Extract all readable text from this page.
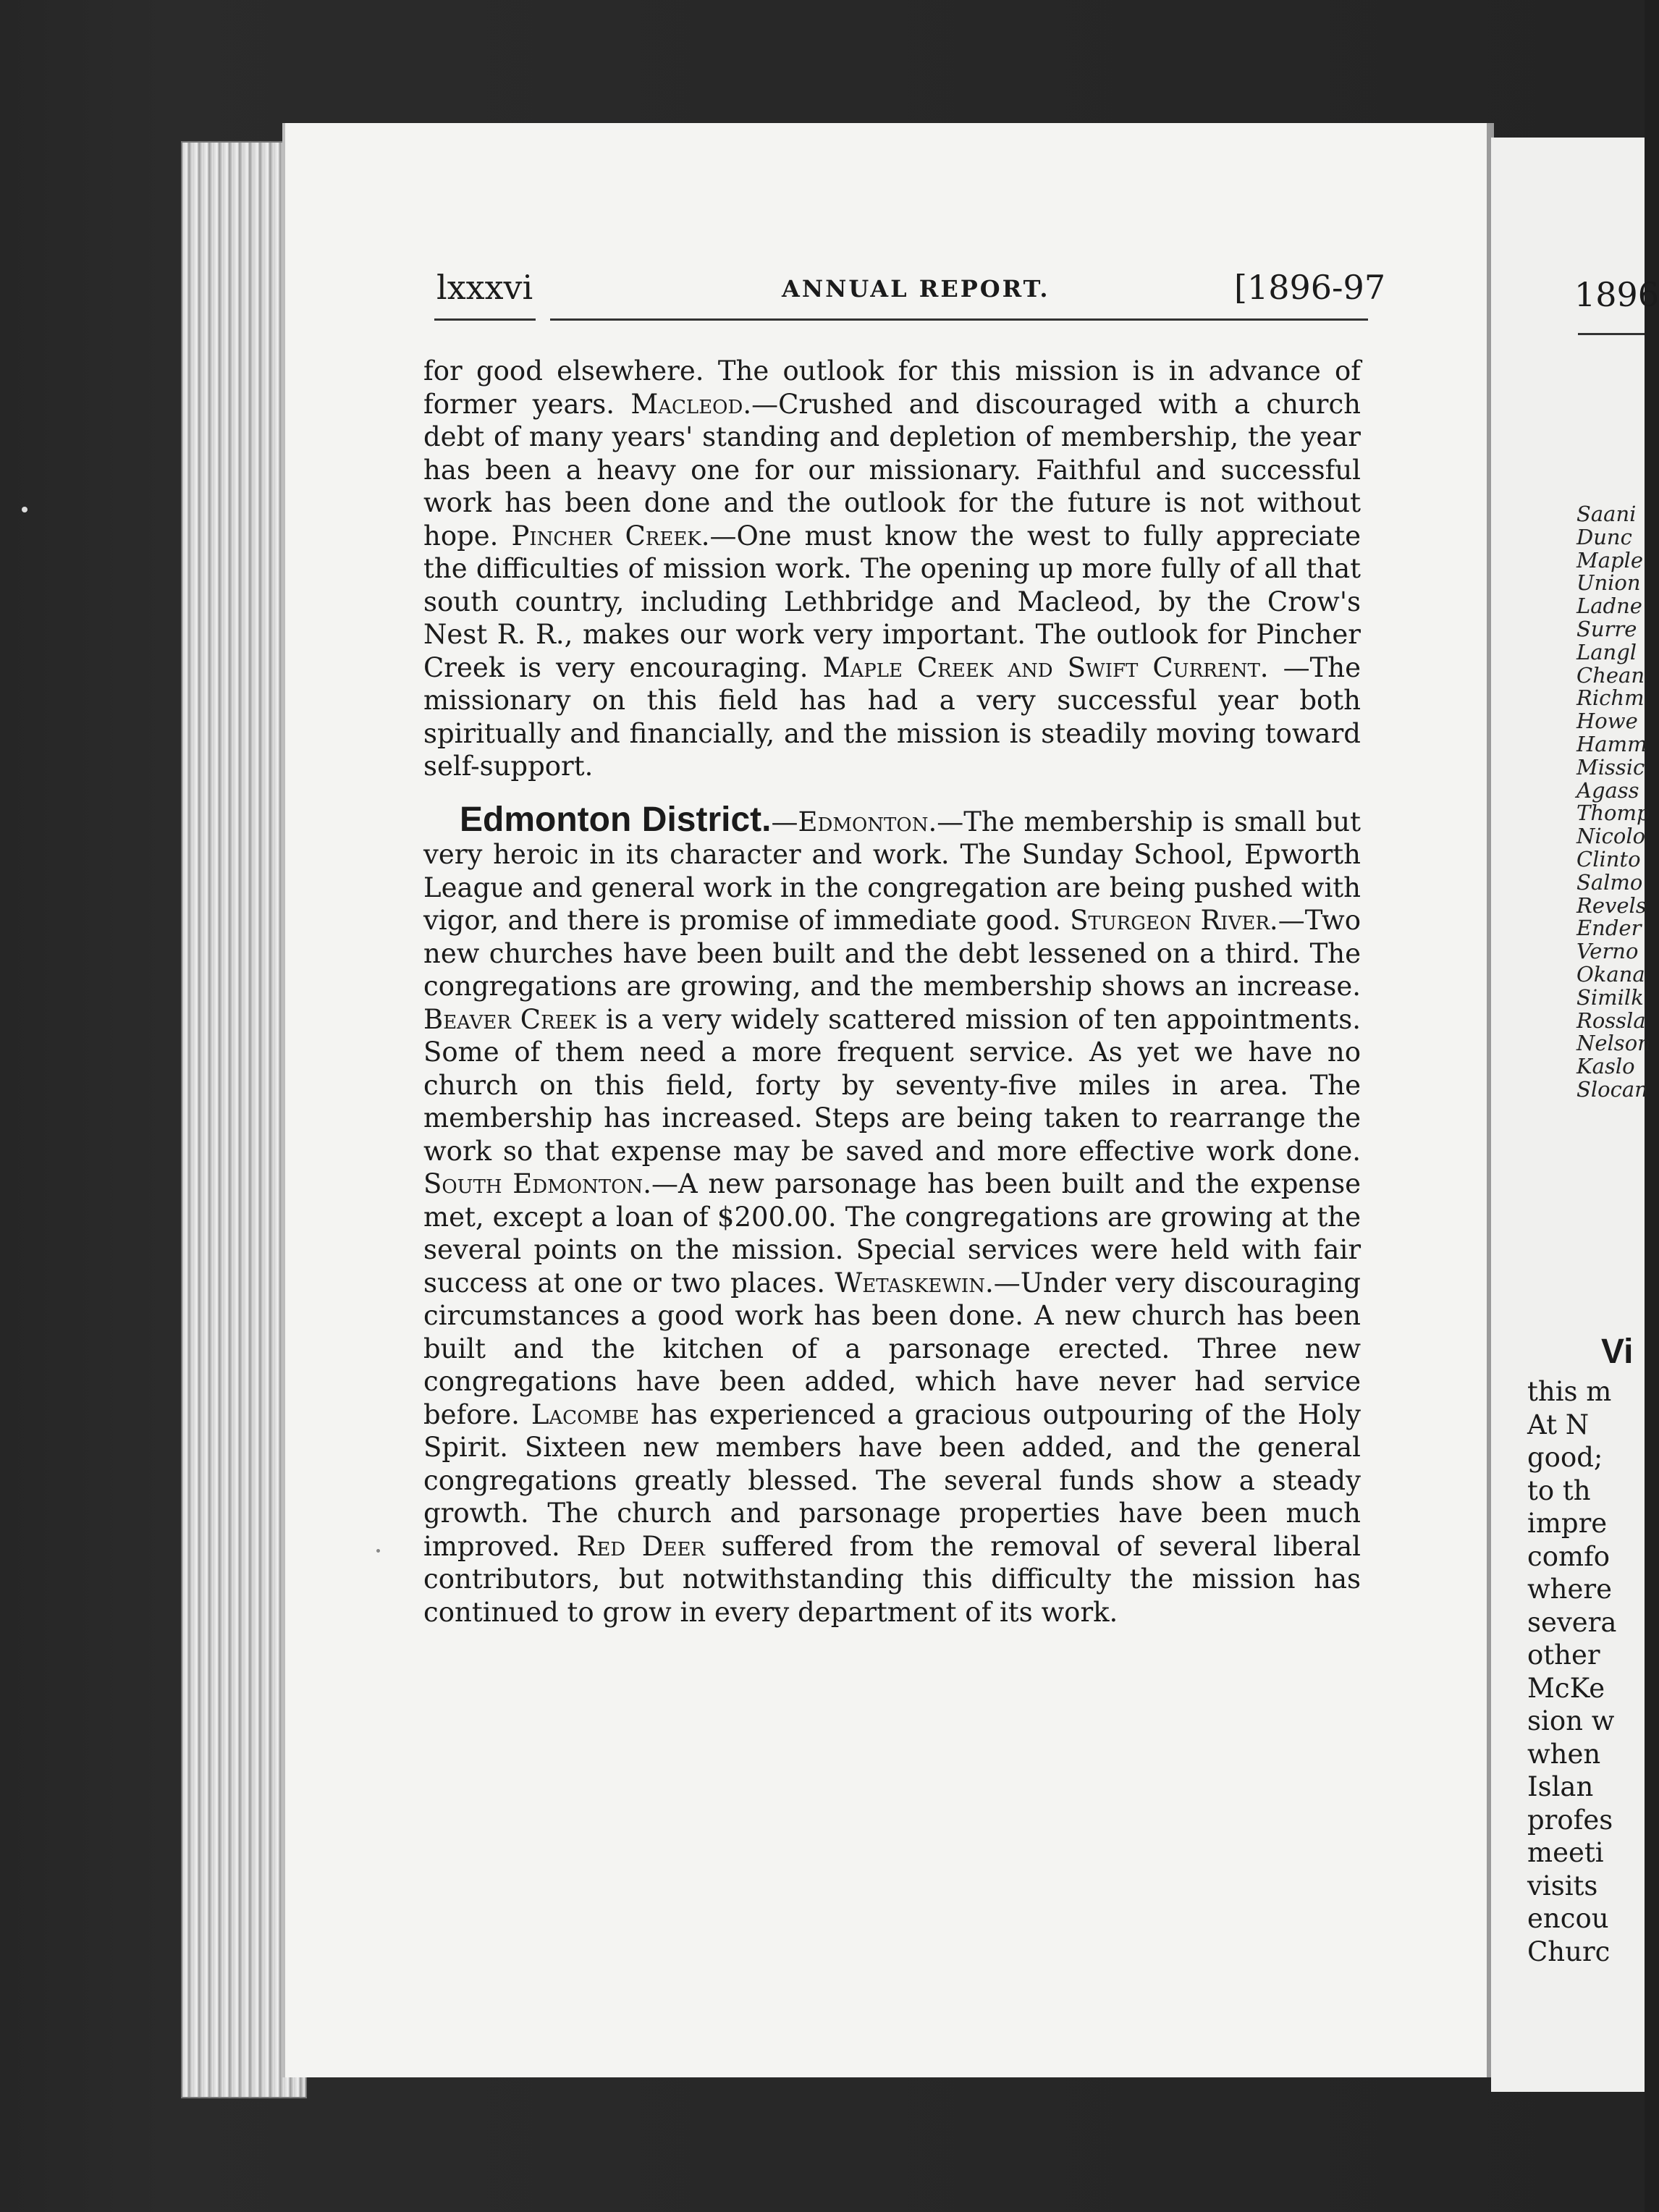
lxxxvi	ANNUAL REPORT.	[1896-97

for good elsewhere. The outlook for this mission is in advance of former years. Macleod.—Crushed and discouraged with a church debt of many years' standing and depletion of membership, the year has been a heavy one for our missionary. Faithful and successful work has been done and the outlook for the future is not without hope. Pincher Creek.—One must know the west to fully appreciate the difficulties of mission work. The opening up more fully of all that south country, including Lethbridge and Macleod, by the Crow's Nest R. R., makes our work very important. The outlook for Pincher Creek is very encouraging. Maple Creek and Swift Current. —The missionary on this field has had a very successful year both spiritually and financially, and the mission is steadily moving toward self-support.

Edmonton District.—Edmonton.—The membership is small but very heroic in its character and work. The Sunday School, Epworth League and general work in the congregation are being pushed with vigor, and there is promise of immediate good. Sturgeon River.—Two new churches have been built and the debt lessened on a third. The congregations are growing, and the membership shows an increase. Beaver Creek is a very widely scattered mission of ten appointments. Some of them need a more frequent service. As yet we have no church on this field, forty by seventy-five miles in area. The membership has increased. Steps are being taken to rearrange the work so that expense may be saved and more effective work done. South Edmonton.—A new parsonage has been built and the expense met, except a loan of $200.00. The congregations are growing at the several points on the mission. Special services were held with fair success at one or two places. Wetaskewin.—Under very discouraging circumstances a good work has been done. A new church has been built and the kitchen of a parsonage erected. Three new congregations have been added, which have never had service before. Lacombe has experienced a gracious outpouring of the Holy Spirit. Sixteen new members have been added, and the general congregations greatly blessed. The several funds show a steady growth. The church and parsonage properties have been much improved. Red Deer suffered from the removal of several liberal contributors, but notwithstanding this difficulty the mission has continued to grow in every department of its work.

1896
Saani
Dunc
Maple
Union
Ladne
Surre
Langl
Chean
Richm
Howe
Hamm
Missic
Agass
Thomp
Nicolo
Clinto
Salmo
Revels
Ender
Verno
Okana
Similk
Rossla
Nelson
Kaslo
Slocan
Vi
this m
At N
good;
to th
impre
comfo
where
severa
other
McKe
sion w
when
Islan
profes
meeti
visits
encou
Churc
